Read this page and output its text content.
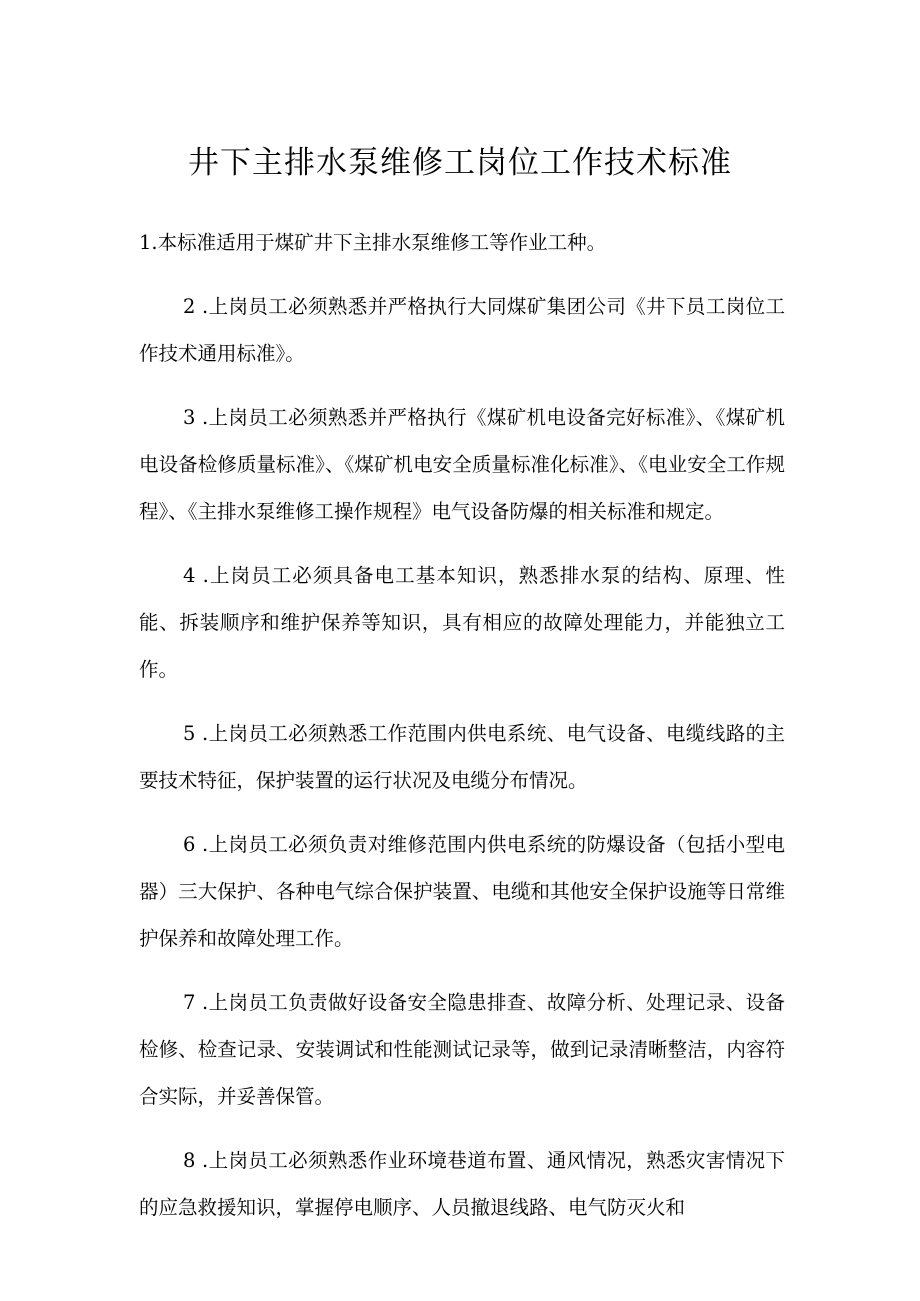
井下主排水泵维修工岗位工作技术标准

1.本标准适用于煤矿井下主排水泵维修工等作业工种。

2 .上岗员工必须熟悉并严格执行大同煤矿集团公司《井下员工岗位工作技术通用标准》。

3 .上岗员工必须熟悉并严格执行《煤矿机电设备完好标准》、《煤矿机电设备检修质量标准》、《煤矿机电安全质量标准化标准》、《电业安全工作规程》、《主排水泵维修工操作规程》电气设备防爆的相关标准和规定。

4 .上岗员工必须具备电工基本知识，熟悉排水泵的结构、原理、性能、拆装顺序和维护保养等知识，具有相应的故障处理能力，并能独立工作。

5 .上岗员工必须熟悉工作范围内供电系统、电气设备、电缆线路的主要技术特征，保护装置的运行状况及电缆分布情况。

6 .上岗员工必须负责对维修范围内供电系统的防爆设备（包括小型电器）三大保护、各种电气综合保护装置、电缆和其他安全保护设施等日常维护保养和故障处理工作。

7 .上岗员工负责做好设备安全隐患排查、故障分析、处理记录、设备检修、检查记录、安装调试和性能测试记录等，做到记录清晰整洁，内容符合实际，并妥善保管。

8 .上岗员工必须熟悉作业环境巷道布置、通风情况，熟悉灾害情况下的应急救援知识，掌握停电顺序、人员撤退线路、电气防灭火和
